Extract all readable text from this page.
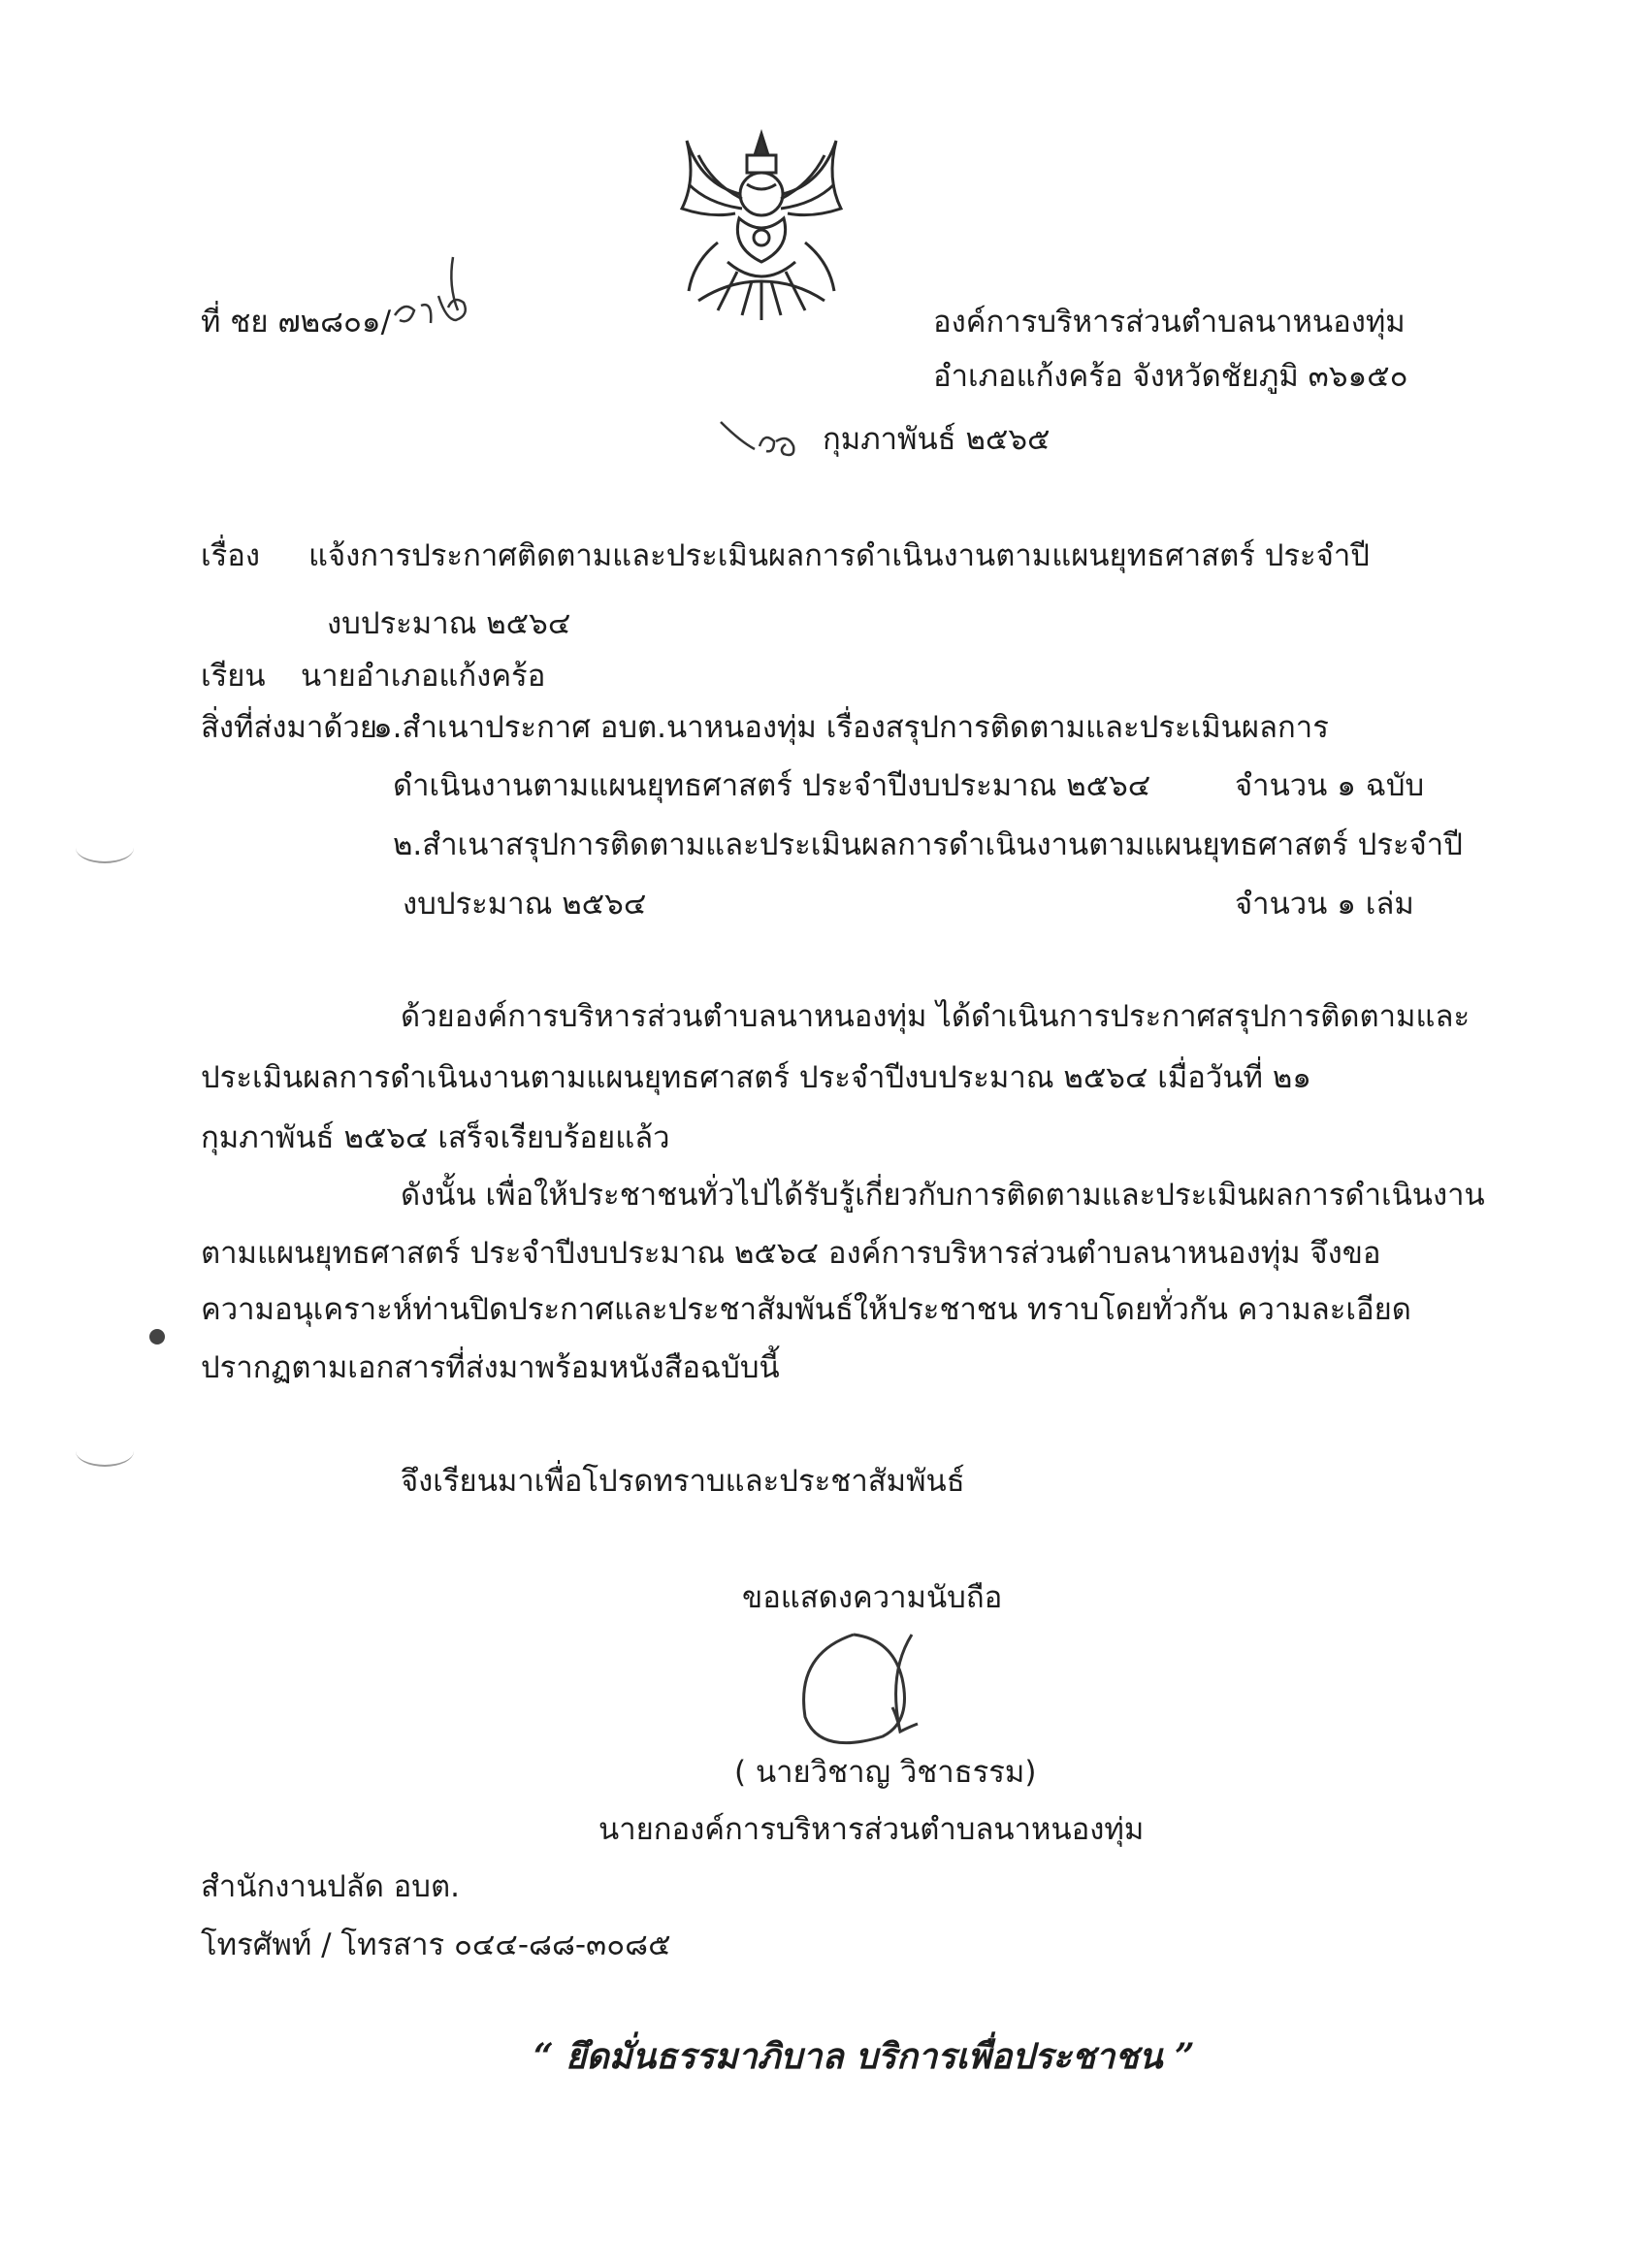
ที่ ชย ๗๒๘๐๑/	องค์การบริหารส่วนตำบลนาหนองทุ่ม
อำเภอแก้งคร้อ จังหวัดชัยภูมิ ๓๖๑๕๐
กุมภาพันธ์ ๒๕๖๕
เรื่อง แจ้งการประกาศติดตามและประเมินผลการดำเนินงานตามแผนยุทธศาสตร์ ประจำปี
งบประมาณ ๒๕๖๔
เรียน นายอำเภอแก้งคร้อ
สิ่งที่ส่งมาด้วย
๑.สำเนาประกาศ อบต.นาหนองทุ่ม เรื่องสรุปการติดตามและประเมินผลการ
ดำเนินงานตามแผนยุทธศาสตร์ ประจำปีงบประมาณ ๒๕๖๔	จำนวน ๑ ฉบับ
๒.สำเนาสรุปการติดตามและประเมินผลการดำเนินงานตามแผนยุทธศาสตร์ ประจำปี
งบประมาณ ๒๕๖๔	จำนวน ๑ เล่ม
ด้วยองค์การบริหารส่วนตำบลนาหนองทุ่ม ได้ดำเนินการประกาศสรุปการติดตามและ
ประเมินผลการดำเนินงานตามแผนยุทธศาสตร์ ประจำปีงบประมาณ ๒๕๖๔ เมื่อวันที่ ๒๑
กุมภาพันธ์ ๒๕๖๔ เสร็จเรียบร้อยแล้ว
ดังนั้น เพื่อให้ประชาชนทั่วไปได้รับรู้เกี่ยวกับการติดตามและประเมินผลการดำเนินงาน
ตามแผนยุทธศาสตร์ ประจำปีงบประมาณ ๒๕๖๔ องค์การบริหารส่วนตำบลนาหนองทุ่ม จึงขอ
ความอนุเคราะห์ท่านปิดประกาศและประชาสัมพันธ์ให้ประชาชน ทราบโดยทั่วกัน ความละเอียด
ปรากฏตามเอกสารที่ส่งมาพร้อมหนังสือฉบับนี้
จึงเรียนมาเพื่อโปรดทราบและประชาสัมพันธ์
ขอแสดงความนับถือ
( นายวิชาญ วิชาธรรม)
นายกองค์การบริหารส่วนตำบลนาหนองทุ่ม
สำนักงานปลัด อบต.
โทรศัพท์ / โทรสาร ๐๔๔-๘๘-๓๐๘๕
“ ยึดมั่นธรรมาภิบาล บริการเพื่อประชาชน ”
